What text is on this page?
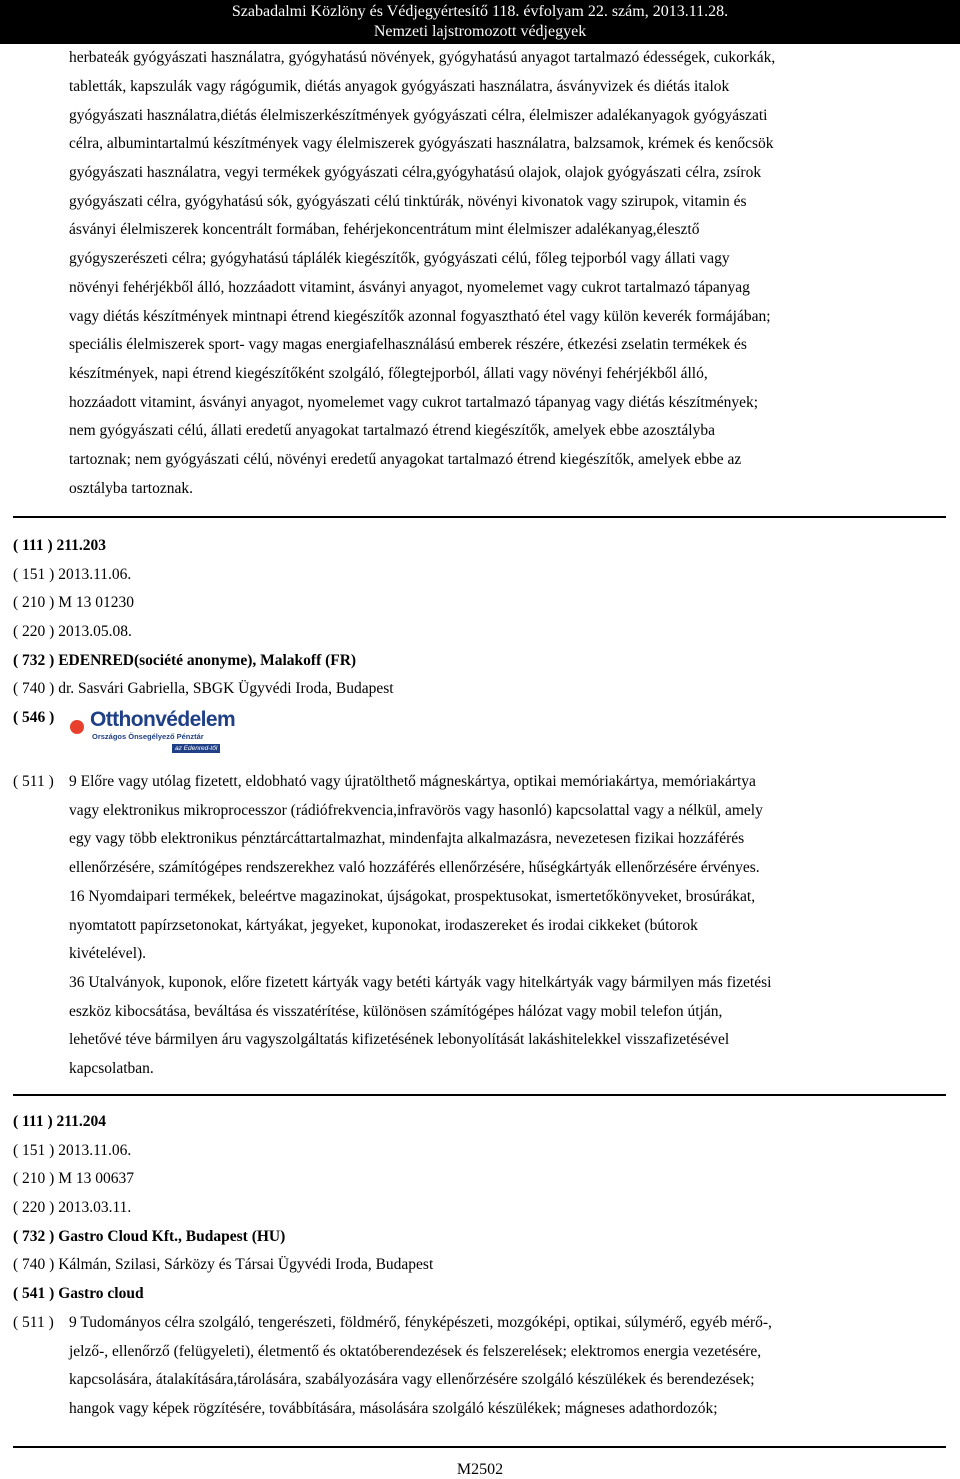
Szabadalmi Közlöny és Védjegyértesítő 118. évfolyam 22. szám, 2013.11.28.
Nemzeti lajstromozott védjegyek
herbateák gyógyászati használatra, gyógyhatású növények, gyógyhatású anyagot tartalmazó édességek, cukorkák,
tabletták, kapszulák vagy rágógumik, diétás anyagok gyógyászati használatra, ásványvizek és diétás italok
gyógyászati használatra,diétás élelmiszerkészítmények gyógyászati célra, élelmiszer adalékanyagok gyógyászati
célra, albumintartalmú készítmények vagy élelmiszerek gyógyászati használatra, balzsamok, krémek és kenőcsök
gyógyászati használatra, vegyi termékek gyógyászati célra,gyógyhatású olajok, olajok gyógyászati célra, zsírok
gyógyászati célra, gyógyhatású sók, gyógyászati célú tinktúrák, növényi kivonatok vagy szirupok, vitamin és
ásványi élelmiszerek koncentrált formában, fehérjekoncentrátum mint élelmiszer adalékanyag,élesztő
gyógyszerészeti célra; gyógyhatású táplálék kiegészítők, gyógyászati célú, főleg tejporból vagy állati vagy
növényi fehérjékből álló, hozzáadott vitamint, ásványi anyagot, nyomelemet vagy cukrot tartalmazó tápanyag
vagy diétás készítmények mintnapi étrend kiegészítők azonnal fogyasztható étel vagy külön keverék formájában;
speciális élelmiszerek sport- vagy magas energiafelhasználású emberek részére, étkezési zselatin termékek és
készítmények, napi étrend kiegészítőként szolgáló, főlegtejporból, állati vagy növényi fehérjékből álló,
hozzáadott vitamint, ásványi anyagot, nyomelemet vagy cukrot tartalmazó tápanyag vagy diétás készítmények;
nem gyógyászati célú, állati eredetű anyagokat tartalmazó étrend kiegészítők, amelyek ebbe azosztályba
tartoznak; nem gyógyászati célú, növényi eredetű anyagokat tartalmazó étrend kiegészítők, amelyek ebbe az
osztályba tartoznak.
( 111 ) 211.203
( 151 ) 2013.11.06.
( 210 ) M 13 01230
( 220 ) 2013.05.08.
( 732 ) EDENRED(société anonyme), Malakoff (FR)
( 740 ) dr. Sasvári Gabriella, SBGK Ügyvédi Iroda, Budapest
( 546 ) Otthonvédelem
Országos Önsegélyező Pénztár
az Edenred-től
( 511 ) 9 Előre vagy utólag fizetett, eldobható vagy újratölthető mágneskártya, optikai memóriakártya, memóriakártya
vagy elektronikus mikroprocesszor (rádiófrekvencia,infravörös vagy hasonló) kapcsolattal vagy a nélkül, amely
egy vagy több elektronikus pénztárcáttartalmazhat, mindenfajta alkalmazásra, nevezetesen fizikai hozzáférés
ellenőrzésére, számítógépes rendszerekhez való hozzáférés ellenőrzésére, hűségkártyák ellenőrzésére érvényes.
16 Nyomdaipari termékek, beleértve magazinokat, újságokat, prospektusokat, ismertetőkönyveket, brosúrákat,
nyomtatott papírzsetonokat, kártyákat, jegyeket, kuponokat, irodaszereket és irodai cikkeket (bútorok
kivételével).
36 Utalványok, kuponok, előre fizetett kártyák vagy betéti kártyák vagy hitelkártyák vagy bármilyen más fizetési
eszköz kibocsátása, beváltása és visszatérítése, különösen számítógépes hálózat vagy mobil telefon útján,
lehetővé téve bármilyen áru vagyszolgáltatás kifizetésének lebonyolítását lakáshitelekkel visszafizetésével
kapcsolatban.
( 111 ) 211.204
( 151 ) 2013.11.06.
( 210 ) M 13 00637
( 220 ) 2013.03.11.
( 732 ) Gastro Cloud Kft., Budapest (HU)
( 740 ) Kálmán, Szilasi, Sárközy és Társai Ügyvédi Iroda, Budapest
( 541 ) Gastro cloud
( 511 ) 9 Tudományos célra szolgáló, tengerészeti, földmérő, fényképészeti, mozgóképi, optikai, súlymérő, egyéb mérő-,
jelző-, ellenőrző (felügyeleti), életmentő és oktatóberendezések és felszerelések; elektromos energia vezetésére,
kapcsolására, átalakítására,tárolására, szabályozására vagy ellenőrzésére szolgáló készülékek és berendezések;
hangok vagy képek rögzítésére, továbbítására, másolására szolgáló készülékek; mágneses adathordozók;
M2502
